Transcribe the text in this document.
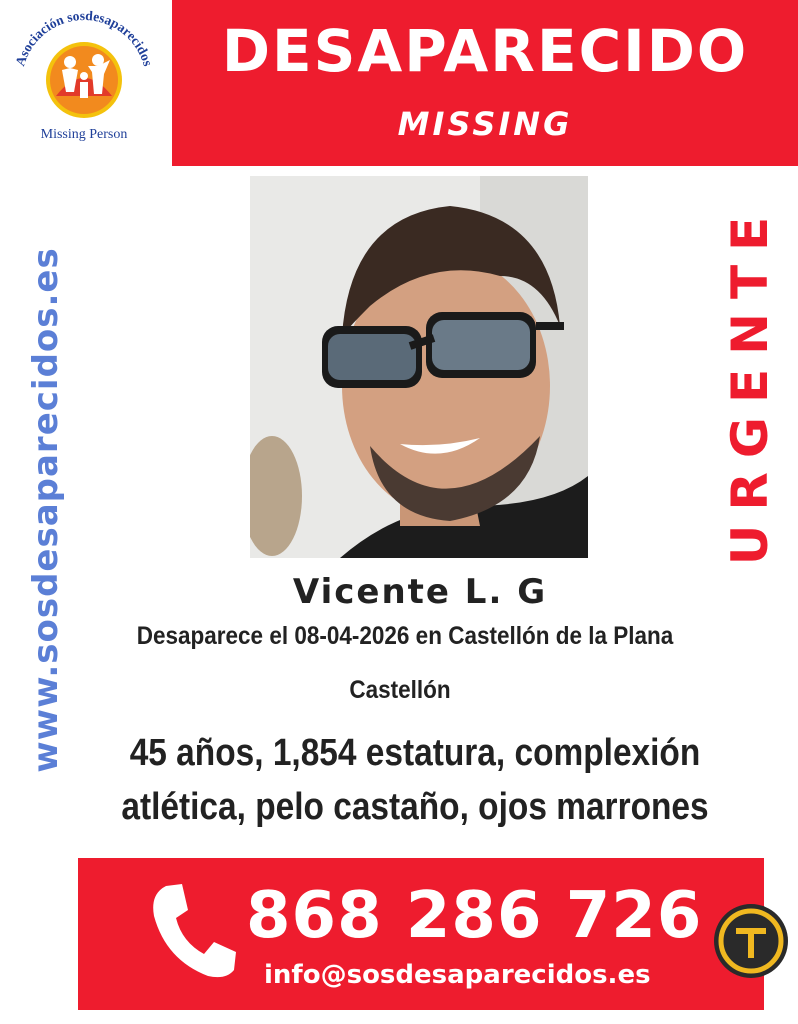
Asociación sosdesaparecidos
Missing Person
DESAPARECIDO
MISSING
www.sosdesaparecidos.es	URGENTE
Vicente L. G
Desaparece el 08-04-2026 en Castellón de la Plana
Castellón
45 años, 1,854 estatura, complexión
atlética, pelo castaño, ojos marrones
868 286 726
info@sosdesaparecidos.es
